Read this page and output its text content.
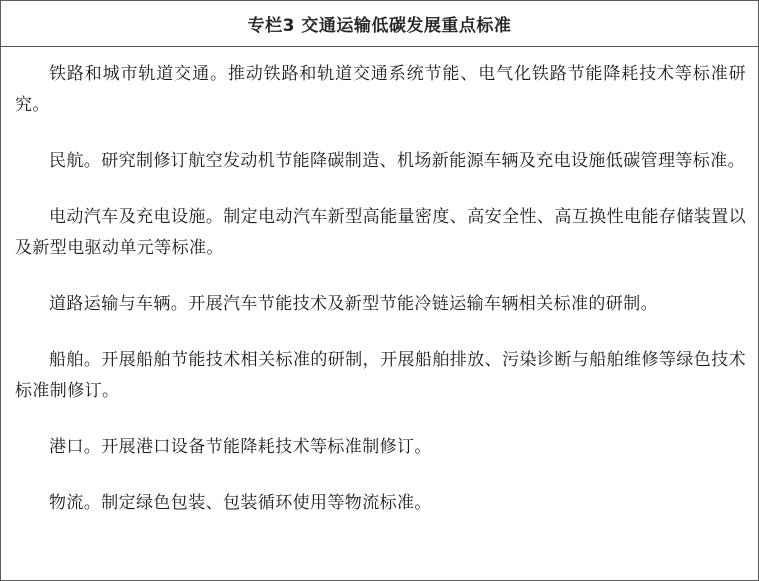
专栏3 交通运输低碳发展重点标准

铁路和城市轨道交通。推动铁路和轨道交通系统节能、电气化铁路节能降耗技术等标准研究。

民航。研究制修订航空发动机节能降碳制造、机场新能源车辆及充电设施低碳管理等标准。

电动汽车及充电设施。制定电动汽车新型高能量密度、高安全性、高互换性电能存储装置以及新型电驱动单元等标准。

道路运输与车辆。开展汽车节能技术及新型节能冷链运输车辆相关标准的研制。

船舶。开展船舶节能技术相关标准的研制，开展船舶排放、污染诊断与船舶维修等绿色技术标准制修订。

港口。开展港口设备节能降耗技术等标准制修订。

物流。制定绿色包装、包装循环使用等物流标准。
